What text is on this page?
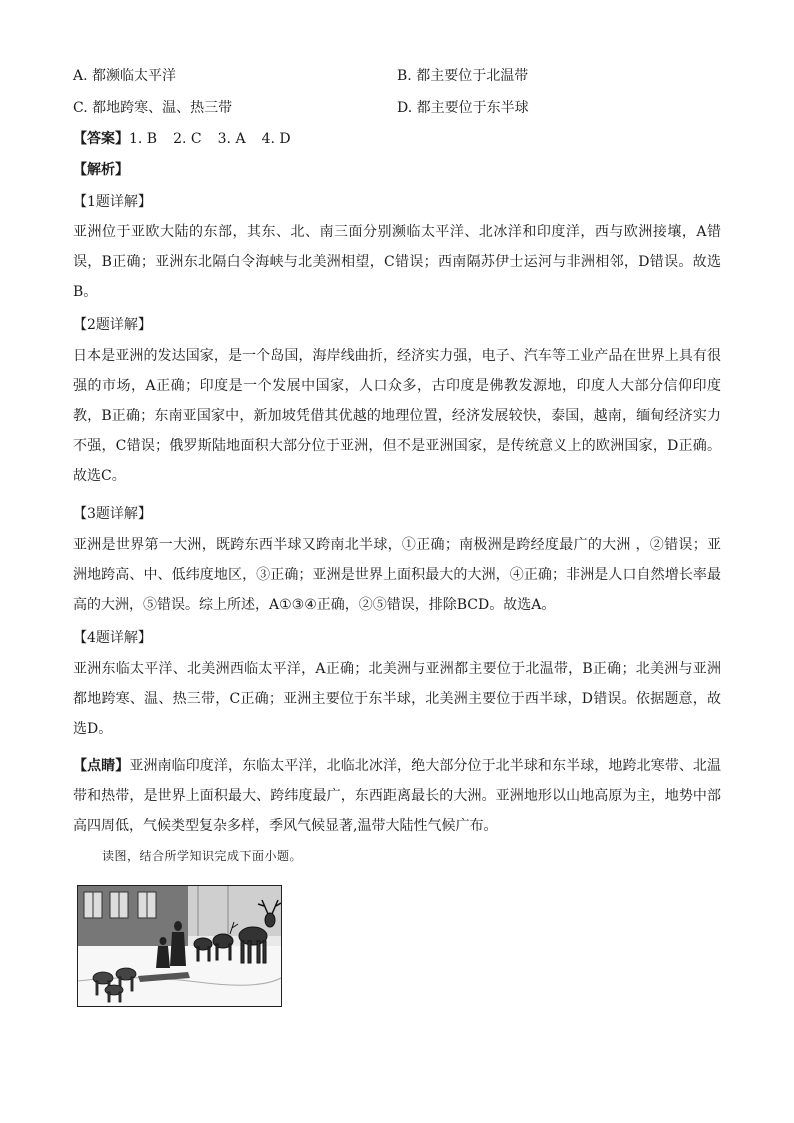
A. 都濒临太平洋	B. 都主要位于北温带
C. 都地跨寒、温、热三带	D. 都主要位于东半球
【答案】1. B 2. C 3. A 4. D
【解析】
【1题详解】
亚洲位于亚欧大陆的东部，其东、北、南三面分别濒临太平洋、北冰洋和印度洋，西与欧洲接壤，A错误，B正确；亚洲东北隔白令海峡与北美洲相望，C错误；西南隔苏伊士运河与非洲相邻，D错误。故选B。
【2题详解】
日本是亚洲的发达国家，是一个岛国，海岸线曲折，经济实力强，电子、汽车等工业产品在世界上具有很强的市场，A正确；印度是一个发展中国家，人口众多，古印度是佛教发源地，印度人大部分信仰印度教，B正确；东南亚国家中，新加坡凭借其优越的地理位置，经济发展较快，泰国，越南，缅甸经济实力不强，C错误；俄罗斯陆地面积大部分位于亚洲，但不是亚洲国家，是传统意义上的欧洲国家，D正确。故选C。
【3题详解】
亚洲是世界第一大洲，既跨东西半球又跨南北半球，①正确；南极洲是跨经度最广的大洲 ，②错误；亚洲地跨高、中、低纬度地区，③正确；亚洲是世界上面积最大的大洲，④正确；非洲是人口自然增长率最高的大洲，⑤错误。综上所述，A①③④正确，②⑤错误，排除BCD。故选A。
【4题详解】
亚洲东临太平洋、北美洲西临太平洋，A正确；北美洲与亚洲都主要位于北温带，B正确；北美洲与亚洲都地跨寒、温、热三带，C正确；亚洲主要位于东半球，北美洲主要位于西半球，D错误。依据题意，故选D。
【点睛】亚洲南临印度洋，东临太平洋，北临北冰洋，绝大部分位于北半球和东半球，地跨北寒带、北温带和热带，是世界上面积最大、跨纬度最广，东西距离最长的大洲。亚洲地形以山地高原为主，地势中部高四周低，气候类型复杂多样，季风气候显著,温带大陆性气候广布。
读图，结合所学知识完成下面小题。
